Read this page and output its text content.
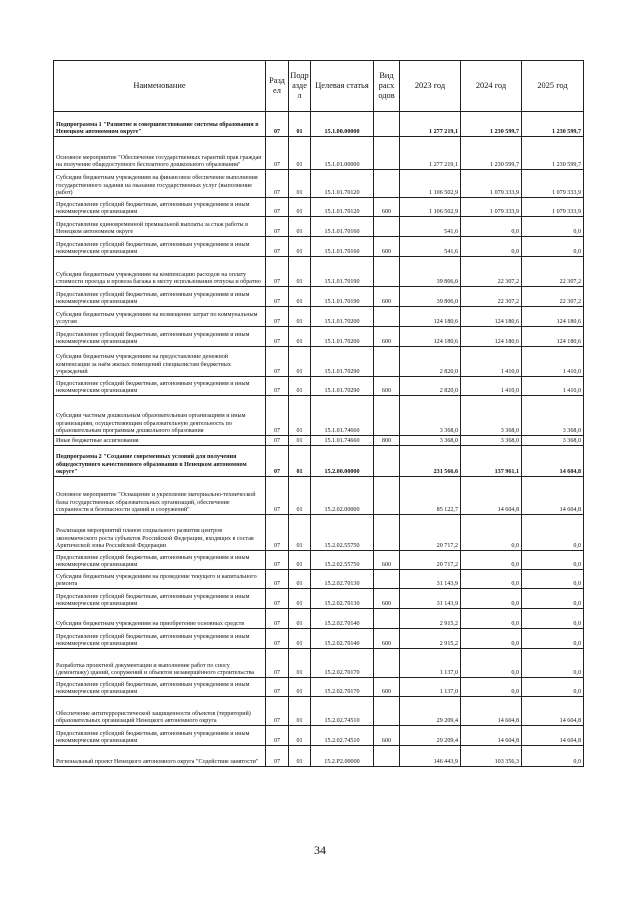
Наименование	Разд ел	Подр азде л	Целевая статья	Вид расх одов	2023 год	2024 год	2025 год
Подпрограмма 1 "Развитие и совершенствование системы образования в Ненецком автономном округе"	07	01	15.1.00.00000		1 277 219,1	1 230 599,7	1 230 599,7
Основное мероприятие "Обеспечение государственных гарантий прав граждан на получение общедоступного бесплатного дошкольного образования"	07	01	15.1.01.00000		1 277 219,1	1 230 599,7	1 230 599,7
Субсидии бюджетным учреждениям на финансовое обеспечение выполнения государственного задания на оказание государственных услуг (выполнение работ)	07	01	15.1.01.70120		1 106 502,9	1 079 333,9	1 079 333,9
Предоставление субсидий бюджетным, автономным учреждениям и иным некоммерческим организациям	07	01	15.1.01.70120	600	1 106 502,9	1 079 333,9	1 079 333,9
Предоставление единовременной премиальной выплаты за стаж работы в Ненецком автономном округе	07	01	15.1.01.70160		541,6	0,0	0,0
Предоставление субсидий бюджетным, автономным учреждениям и иным некоммерческим организациям	07	01	15.1.01.70160	600	541,6	0,0	0,0
Субсидии бюджетным учреждениям на компенсацию расходов на оплату стоимости проезда и провоза багажа к месту использования отпуска и обратно	07	01	15.1.01.70190		39 806,0	22 307,2	22 307,2
Предоставление субсидий бюджетным, автономным учреждениям и иным некоммерческим организациям	07	01	15.1.01.70190	600	39 806,0	22 307,2	22 307,2
Субсидии бюджетным учреждениям на возмещение затрат по коммунальным услугам	07	01	15.1.01.70200		124 180,6	124 180,6	124 180,6
Предоставление субсидий бюджетным, автономным учреждениям и иным некоммерческим организациям	07	01	15.1.01.70200	600	124 180,6	124 180,6	124 180,6
Субсидии бюджетным учреждениям на предоставление денежной компенсации за наём жилых помещений специалистам бюджетных учреждений	07	01	15.1.01.70290		2 820,0	1 410,0	1 410,0
Предоставление субсидий бюджетным, автономным учреждениям и иным некоммерческим организациям	07	01	15.1.01.70290	600	2 820,0	1 410,0	1 410,0
Субсидии частным дошкольным образовательным организациям и иным организациям, осуществляющим образовательную деятельность по образовательным программам дошкольного образования	07	01	15.1.01.74660		3 368,0	3 368,0	3 368,0
Иные бюджетные ассигнования	07	01	15.1.01.74660	800	3 368,0	3 368,0	3 368,0
Подпрограмма 2 "Создание современных условий для получения общедоступного качественного образования в Ненецком автономном округе"	07	01	15.2.00.00000		231 566,6	137 961,1	14 604,8
Основное мероприятие "Оснащение и укрепление материально-технической базы государственных образовательных организаций, обеспечение сохранности и безопасности зданий и сооружений"	07	01	15.2.02.00000		85 122,7	14 604,8	14 604,8
Реализация мероприятий планов социального развития центров экономического роста субъектов Российской Федерации, входящих в состав Арктической зоны Российской Федерации	07	01	15.2.02.55750		20 717,2	0,0	0,0
Предоставление субсидий бюджетным, автономным учреждениям и иным некоммерческим организациям	07	01	15.2.02.55750	600	20 717,2	0,0	0,0
Субсидии бюджетным учреждениям на проведение текущего и капитального ремонта	07	01	15.2.02.70130		31 143,9	0,0	0,0
Предоставление субсидий бюджетным, автономным учреждениям и иным некоммерческим организациям	07	01	15.2.02.70130	600	31 143,9	0,0	0,0
Субсидии бюджетным учреждениям на приобретение основных средств	07	01	15.2.02.70140		2 915,2	0,0	0,0
Предоставление субсидий бюджетным, автономным учреждениям и иным некоммерческим организациям	07	01	15.2.02.70140	600	2 915,2	0,0	0,0
Разработка проектной документации и выполнение работ по сносу (демонтажу) зданий, сооружений и объектов незавершённого строительства	07	01	15.2.02.70170		1 137,0	0,0	0,0
Предоставление субсидий бюджетным, автономным учреждениям и иным некоммерческим организациям	07	01	15.2.02.70170	600	1 137,0	0,0	0,0
Обеспечение антитеррористической защищенности объектов (территорий) образовательных организаций Ненецкого автономного округа	07	01	15.2.02.74510		29 209,4	14 604,8	14 604,8
Предоставление субсидий бюджетным, автономным учреждениям и иным некоммерческим организациям	07	01	15.2.02.74510	600	29 209,4	14 604,8	14 604,8
Региональный проект Ненецкого автономного округа "Содействие занятости"	07	01	15.2.P2.00000		146 443,9	103 356,3	0,0
34
